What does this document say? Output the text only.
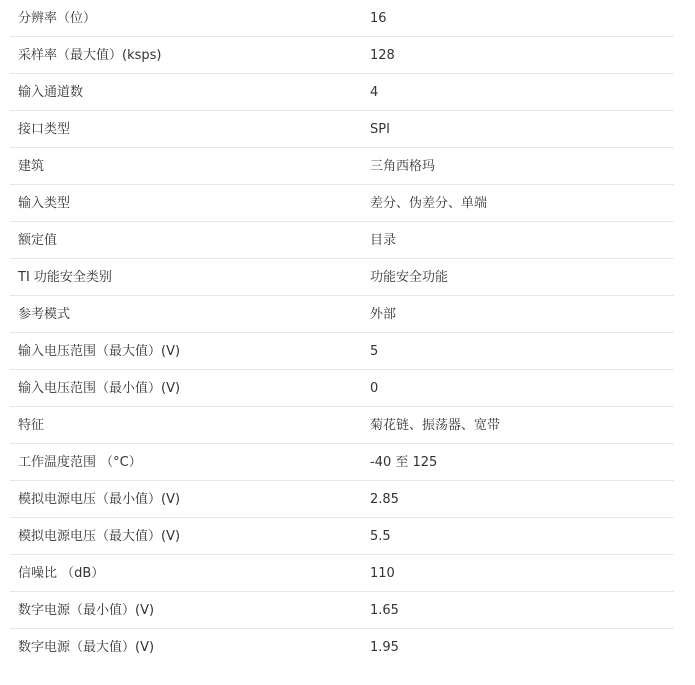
分辨率（位）	16
采样率（最大值）(ksps)	128
输入通道数	4
接口类型	SPI
建筑	三角西格玛
输入类型	差分、伪差分、单端
额定值	目录
TI 功能安全类别	功能安全功能
参考模式	外部
输入电压范围（最大值）(V)	5
输入电压范围（最小值）(V)	0
特征	菊花链、振荡器、宽带
工作温度范围 （°C）	-40 至 125
模拟电源电压（最小值）(V)	2.85
模拟电源电压（最大值）(V)	5.5
信噪比 （dB）	110
数字电源（最小值）(V)	1.65
数字电源（最大值）(V)	1.95
